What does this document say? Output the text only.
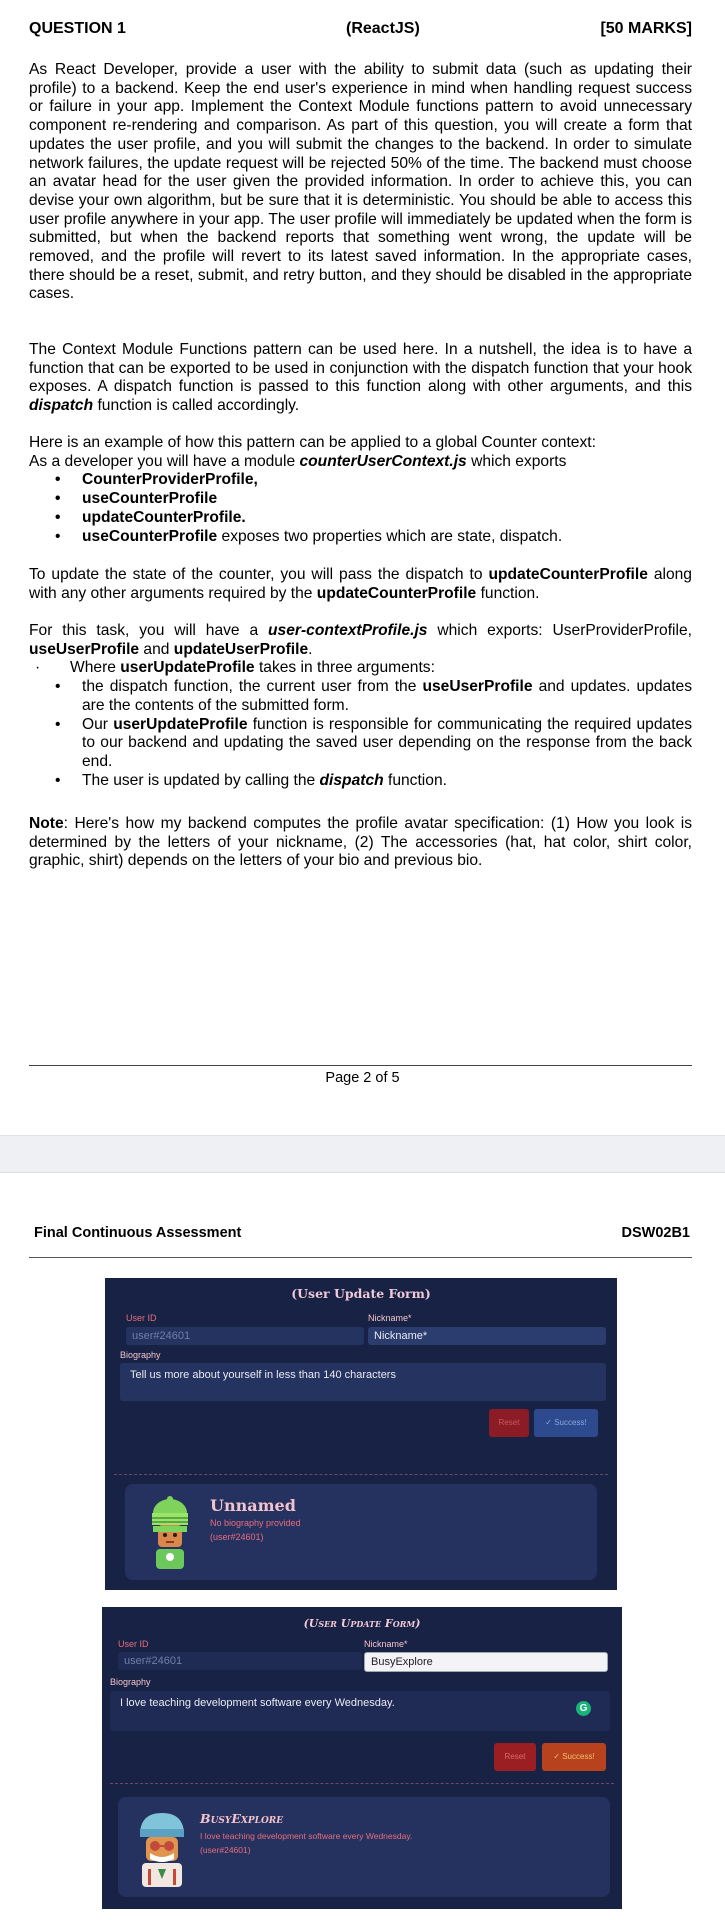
QUESTION 1	(ReactJS)	[50 MARKS]

As React Developer, provide a user with the ability to submit data (such as updating their profile) to a backend. Keep the end user's experience in mind when handling request success or failure in your app. Implement the Context Module functions pattern to avoid unnecessary component re-rendering and comparison. As part of this question, you will create a form that updates the user profile, and you will submit the changes to the backend. In order to simulate network failures, the update request will be rejected 50% of the time. The backend must choose an avatar head for the user given the provided information. In order to achieve this, you can devise your own algorithm, but be sure that it is deterministic. You should be able to access this user profile anywhere in your app. The user profile will immediately be updated when the form is submitted, but when the backend reports that something went wrong, the update will be removed, and the profile will revert to its latest saved information. In the appropriate cases, there should be a reset, submit, and retry button, and they should be disabled in the appropriate cases.

The Context Module Functions pattern can be used here. In a nutshell, the idea is to have a function that can be exported to be used in conjunction with the dispatch function that your hook exposes. A dispatch function is passed to this function along with other arguments, and this dispatch function is called accordingly.

Here is an example of how this pattern can be applied to a global Counter context:

As a developer you will have a module counterUserContext.js which exports

• CounterProviderProfile,
• useCounterProfile
• updateCounterProfile.
• useCounterProfile exposes two properties which are state, dispatch.

To update the state of the counter, you will pass the dispatch to updateCounterProfile along with any other arguments required by the updateCounterProfile function.

For this task, you will have a user-contextProfile.js which exports: UserProviderProfile, useUserProfile and updateUserProfile.

· Where userUpdateProfile takes in three arguments:

• the dispatch function, the current user from the useUserProfile and updates. updates are the contents of the submitted form.
• Our userUpdateProfile function is responsible for communicating the required updates to our backend and updating the saved user depending on the response from the back end.
• The user is updated by calling the dispatch function.

Note: Here's how my backend computes the profile avatar specification: (1) How you look is determined by the letters of your nickname, (2) The accessories (hat, hat color, shirt color, graphic, shirt) depends on the letters of your bio and previous bio.

Page 2 of 5
Final Continuous Assessment	DSW02B1
(User Update Form)
User ID
user#24601
Nickname*
Nickname*
Biography
Tell us more about yourself in less than 140 characters
Reset	✓ Success!
Unnamed
No biography provided
(user#24601)
(User Update Form)
User ID
user#24601
Nickname*
BusyExplore
Biography
I love teaching development software every Wednesday.	G
Reset	✓ Success!
BusyExplore
I love teaching development software every Wednesday.
(user#24601)
